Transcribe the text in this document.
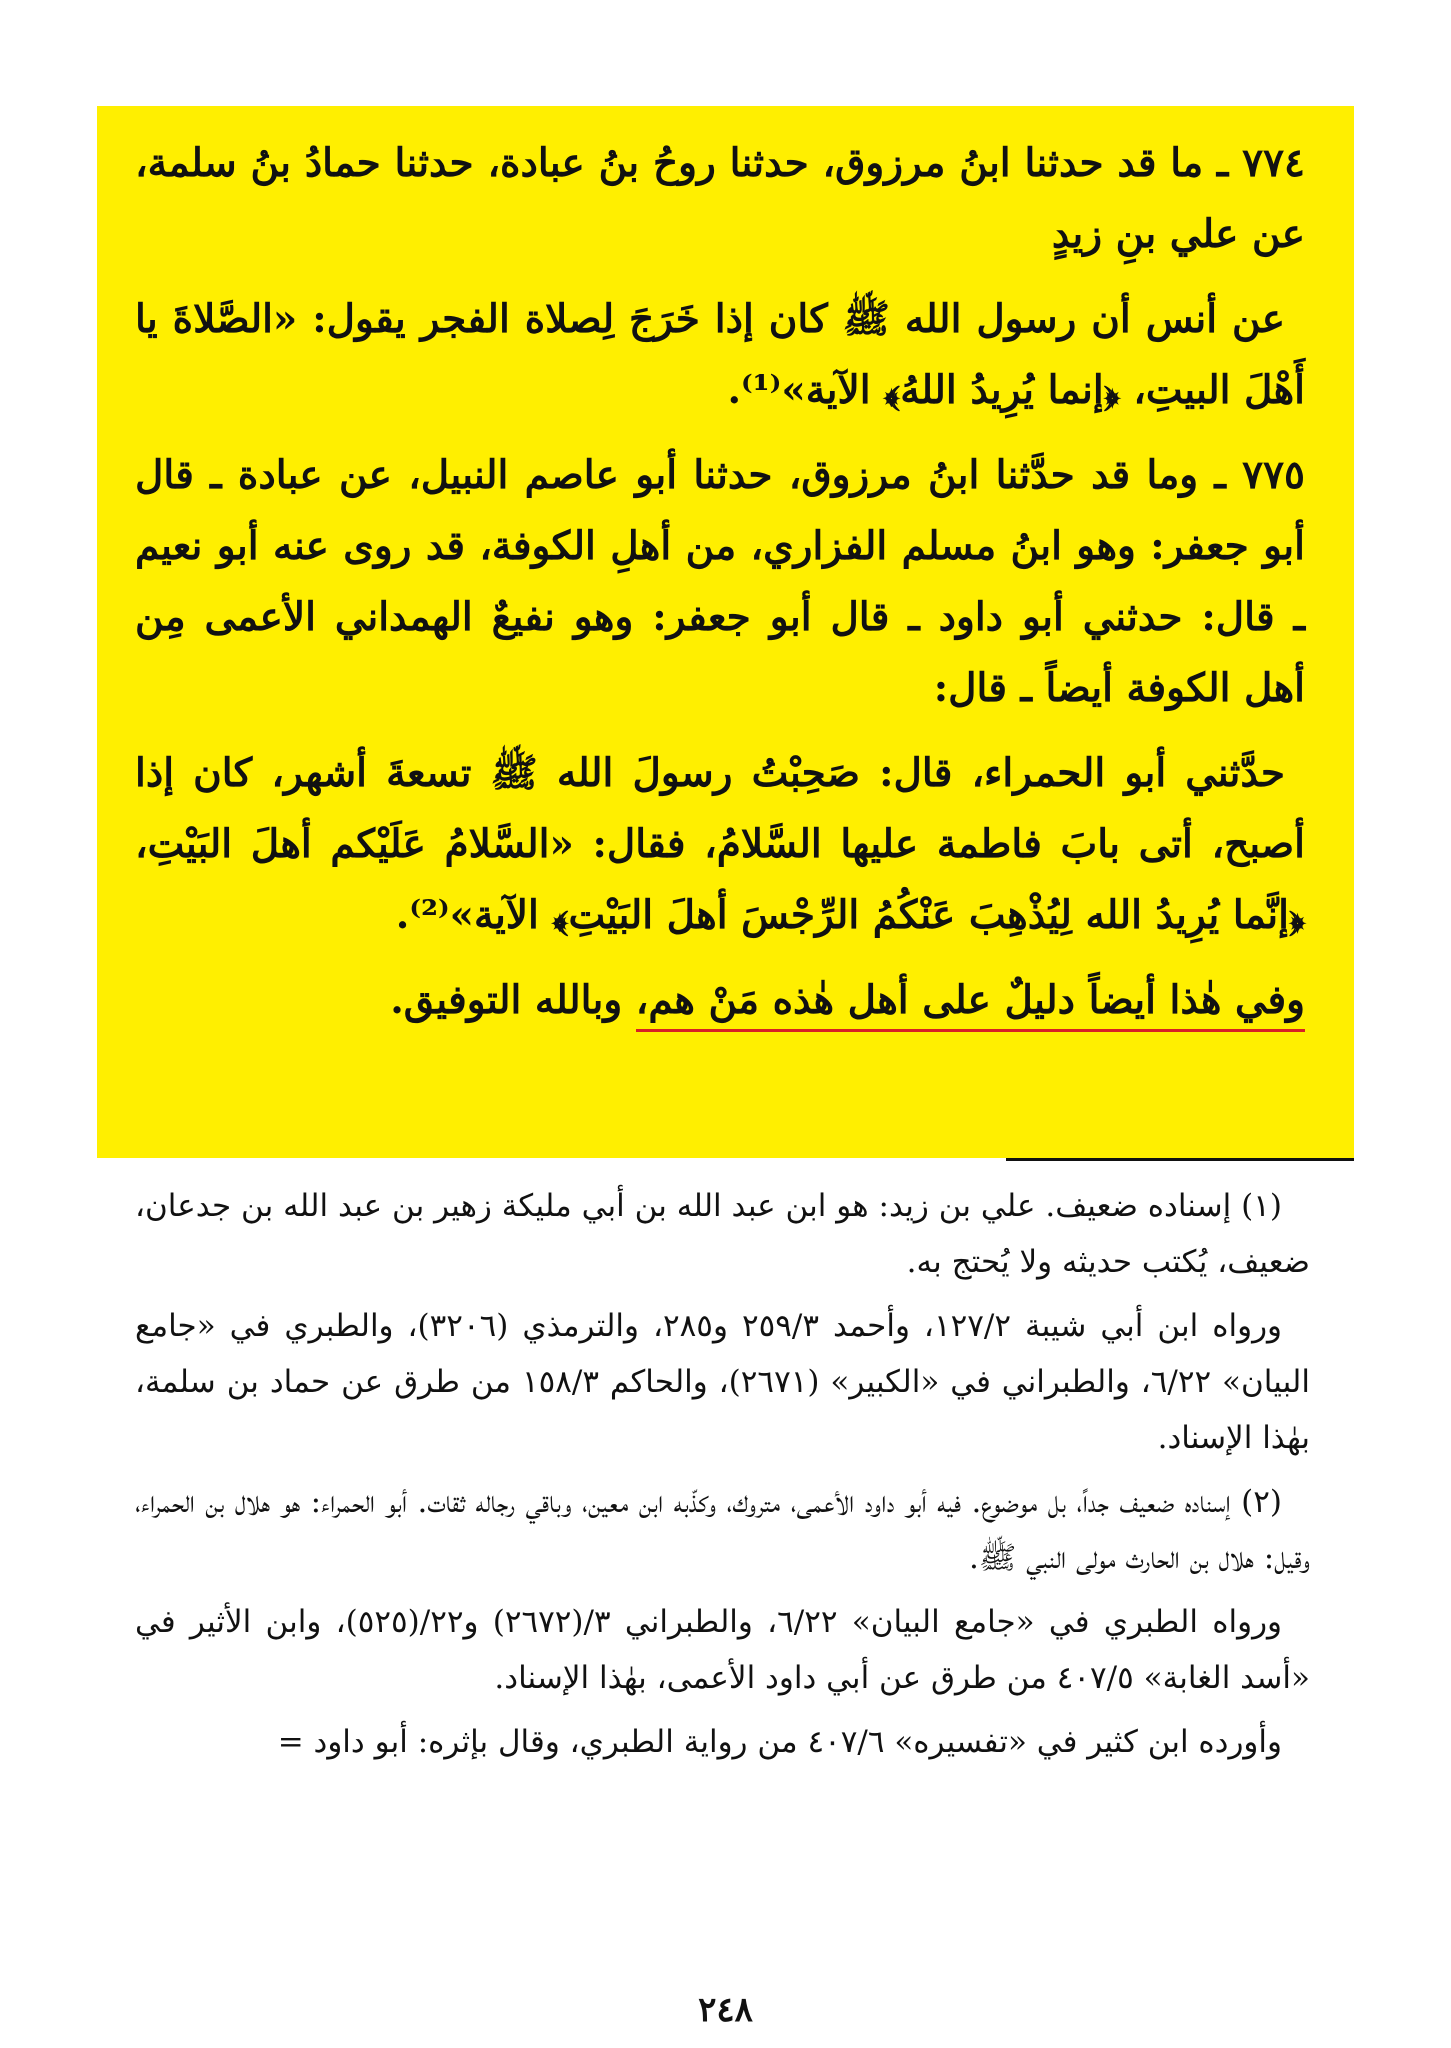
٧٧٤ ـ ما قد حدثنا ابنُ مرزوق، حدثنا روحُ بنُ عبادة، حدثنا حمادُ بنُ سلمة، عن علي بنِ زيدٍ

عن أنس أن رسول الله ﷺ كان إذا خَرَجَ لِصلاة الفجر يقول: «الصَّلاةَ يا أَهْلَ البيتِ، ﴿إنما يُرِيدُ اللهُ﴾ الآية»⁽¹⁾.

٧٧٥ ـ وما قد حدَّثنا ابنُ مرزوق، حدثنا أبو عاصم النبيل، عن عبادة ـ قال أبو جعفر: وهو ابنُ مسلم الفزاري، من أهلِ الكوفة، قد روى عنه أبو نعيم ـ قال: حدثني أبو داود ـ قال أبو جعفر: وهو نفيعٌ الهمداني الأعمى مِن أهل الكوفة أيضاً ـ قال:

حدَّثني أبو الحمراء، قال: صَحِبْتُ رسولَ الله ﷺ تسعةَ أشهر، كان إذا أصبح، أتى بابَ فاطمة عليها السَّلامُ، فقال: «السَّلامُ عَلَيْكم أهلَ البَيْتِ، ﴿إنَّما يُرِيدُ الله لِيُذْهِبَ عَنْكُمُ الرِّجْسَ أهلَ البَيْتِ﴾ الآية»⁽²⁾.

وفي هٰذا أيضاً دليلٌ على أهل هٰذه مَنْ هم، وبالله التوفيق.

(١) إسناده ضعيف. علي بن زيد: هو ابن عبد الله بن أبي مليكة زهير بن عبد الله بن جدعان، ضعيف، يُكتب حديثه ولا يُحتج به.

ورواه ابن أبي شيبة ١٢٧/٢، وأحمد ٢٥٩/٣ و٢٨٥، والترمذي (٣٢٠٦)، والطبري في «جامع البيان» ٦/٢٢، والطبراني في «الكبير» (٢٦٧١)، والحاكم ١٥٨/٣ من طرق عن حماد بن سلمة، بهٰذا الإسناد.

(٢) إسناده ضعيف جداً، بل موضوع. فيه أبو داود الأعمى، متروك، وكذّبه ابن معين، وباقي رجاله ثقات. أبو الحمراء: هو هلال بن الحمراء، وقيل: هلال بن الحارث مولى النبي ﷺ.

ورواه الطبري في «جامع البيان» ٦/٢٢، والطبراني ٣/(٢٦٧٢) و٢٢/(٥٢٥)، وابن الأثير في «أسد الغابة» ٤٠٧/٥ من طرق عن أبي داود الأعمى، بهٰذا الإسناد.

وأورده ابن كثير في «تفسيره» ٤٠٧/٦ من رواية الطبري، وقال بإثره: أبو داود =

٢٤٨
